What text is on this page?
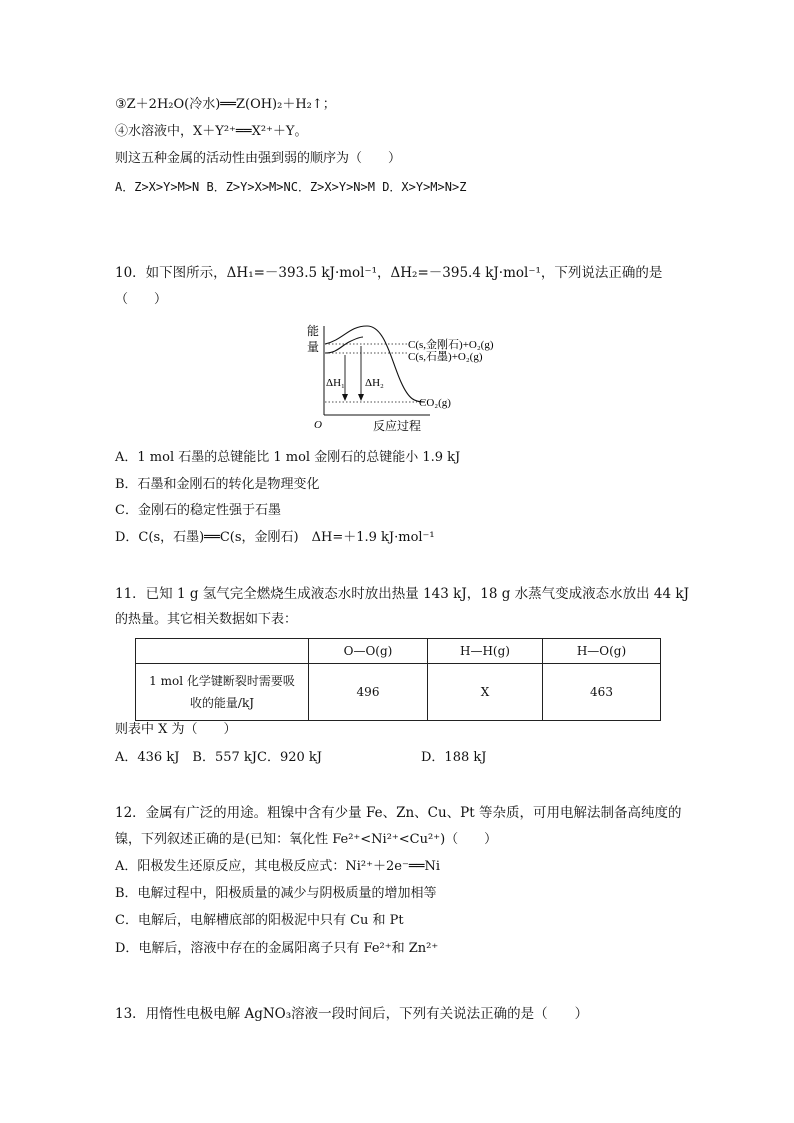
③Z＋2H₂O(冷水)══Z(OH)₂＋H₂↑；
④水溶液中，X＋Y²⁺══X²⁺＋Y。
则这五种金属的活动性由强到弱的顺序为（　　）
A．Z>X>Y>M>N B．Z>Y>X>M>NC．Z>X>Y>N>M D．X>Y>M>N>Z
10．如下图所示，ΔH₁=－393.5 kJ·mol⁻¹，ΔH₂=－395.4 kJ·mol⁻¹，下列说法正确的是
（　　）
能
量
O	反应过程
ΔH₁ ΔH₂
C(s,金刚石)+O₂(g)
C(s,石墨)+O₂(g)
CO₂(g)
A．1 mol 石墨的总键能比 1 mol 金刚石的总键能小 1.9 kJ
B．石墨和金刚石的转化是物理变化
C．金刚石的稳定性强于石墨
D．C(s，石墨)══C(s，金刚石)　ΔH=＋1.9 kJ·mol⁻¹
11．已知 1 g 氢气完全燃烧生成液态水时放出热量 143 kJ，18 g 水蒸气变成液态水放出 44 kJ
的热量。其它相关数据如下表：
	O—O(g)	H—H(g)	H—O(g)

1 mol 化学键断裂时需要吸
收的能量/kJ	496	X	463
则表中 X 为（　　）
A．436 kJ　B．557 kJC．920 kJ	D．188 kJ
12．金属有广泛的用途。粗镍中含有少量 Fe、Zn、Cu、Pt 等杂质，可用电解法制备高纯度的
镍，下列叙述正确的是(已知：氧化性 Fe²⁺<Ni²⁺<Cu²⁺)（　　）
A．阳极发生还原反应，其电极反应式：Ni²⁺＋2e⁻══Ni
B．电解过程中，阳极质量的减少与阴极质量的增加相等
C．电解后，电解槽底部的阳极泥中只有 Cu 和 Pt
D．电解后，溶液中存在的金属阳离子只有 Fe²⁺和 Zn²⁺
13．用惰性电极电解 AgNO₃溶液一段时间后，下列有关说法正确的是（　　）
